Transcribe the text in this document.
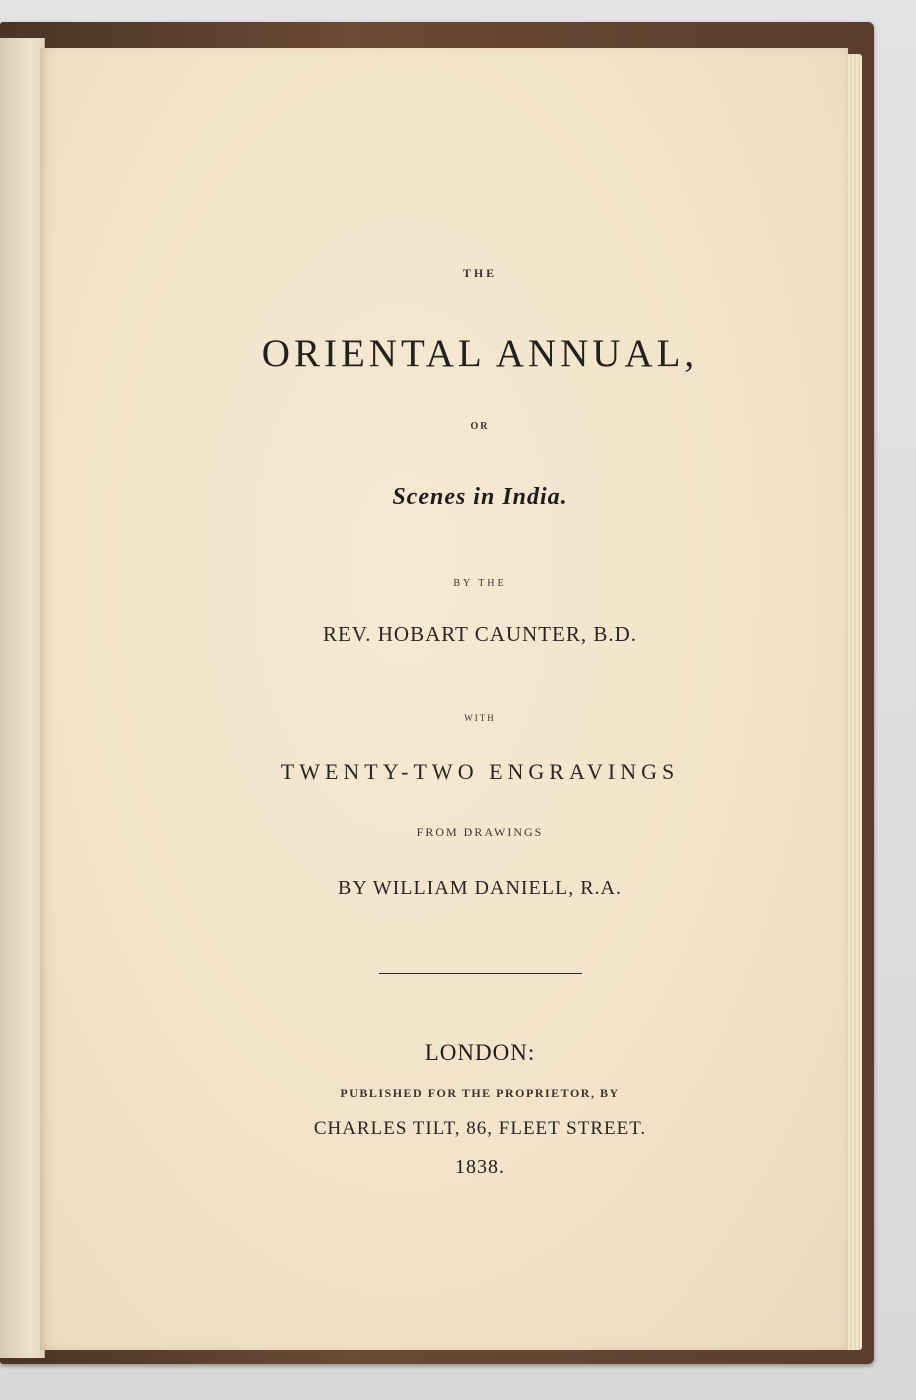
THE
ORIENTAL ANNUAL,
OR
Scenes in India.
BY THE
REV. HOBART CAUNTER, B.D.
WITH
TWENTY-TWO ENGRAVINGS
FROM DRAWINGS
BY WILLIAM DANIELL, R.A.
LONDON:
PUBLISHED FOR THE PROPRIETOR, BY
CHARLES TILT, 86, FLEET STREET.
1838.
